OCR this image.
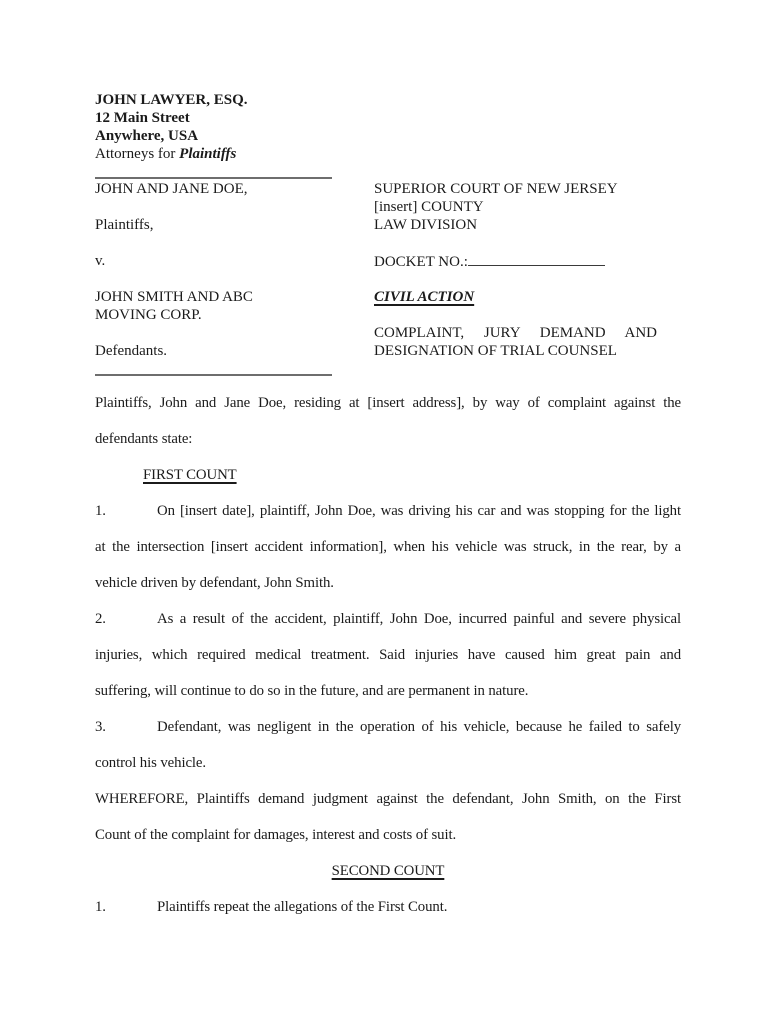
JOHN LAWYER, ESQ.
12 Main Street
Anywhere, USA
Attorneys for Plaintiffs
JOHN AND JANE DOE,
Plaintiffs,
v.
JOHN SMITH AND ABC
MOVING CORP.
Defendants.
SUPERIOR COURT OF NEW JERSEY
[insert] COUNTY
LAW DIVISION
DOCKET NO.:
CIVIL ACTION
COMPLAINT, JURY DEMAND AND
DESIGNATION OF TRIAL COUNSEL
Plaintiffs, John and Jane Doe, residing at [insert address], by way of complaint against the
defendants state:
FIRST COUNT
1.	On [insert date], plaintiff, John Doe, was driving his car and was stopping for the light
at the intersection [insert accident information], when his vehicle was struck, in the rear, by a
vehicle driven by defendant, John Smith.
2.	As a result of the accident, plaintiff, John Doe, incurred painful and severe physical
injuries, which required medical treatment. Said injuries have caused him great pain and
suffering, will continue to do so in the future, and are permanent in nature.
3.	Defendant, was negligent in the operation of his vehicle, because he failed to safely
control his vehicle.
WHEREFORE, Plaintiffs demand judgment against the defendant, John Smith, on the First
Count of the complaint for damages, interest and costs of suit.
SECOND COUNT
1.	Plaintiffs repeat the allegations of the First Count.
